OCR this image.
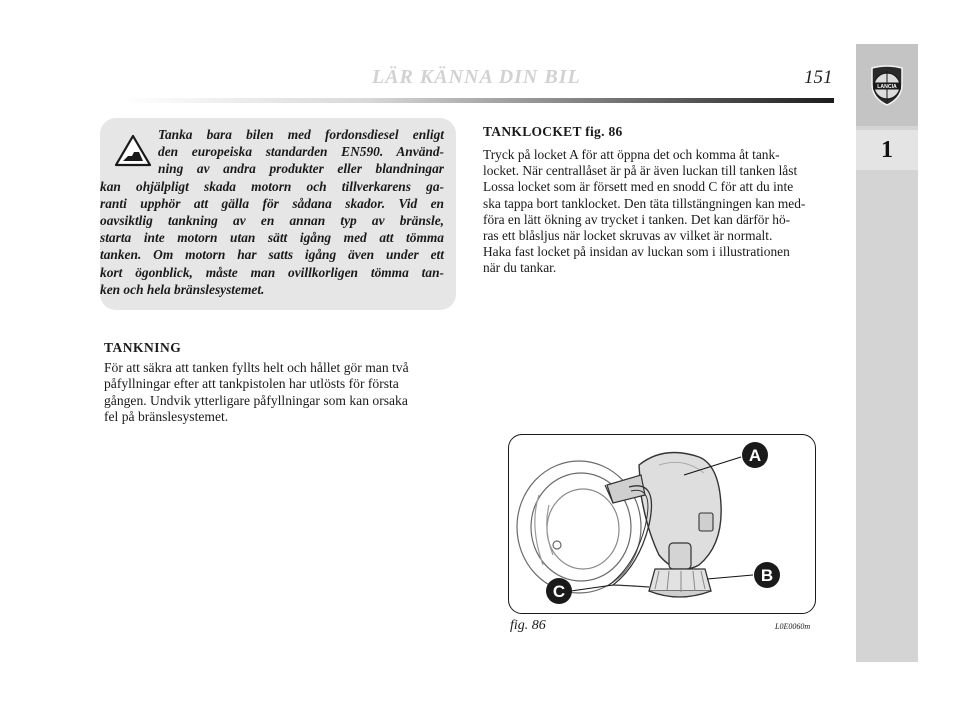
LÄR KÄNNA DIN BIL	151	LANCIA
1
Tanka bara bilen med fordonsdiesel enligt
den europeiska standarden EN590. Använd-
ning av andra produkter eller blandningar
kan ohjälpligt skada motorn och tillverkarens ga-
ranti upphör att gälla för sådana skador. Vid en
oavsiktlig tankning av en annan typ av bränsle,
starta inte motorn utan sätt igång med att tömma
tanken. Om motorn har satts igång även under ett
kort ögonblick, måste man ovillkorligen tömma tan-
ken och hela bränslesystemet.
TANKNING
För att säkra att tanken fyllts helt och hållet gör man två
påfyllningar efter att tankpistolen har utlösts för första
gången. Undvik ytterligare påfyllningar som kan orsaka
fel på bränslesystemet.
TANKLOCKET fig. 86
Tryck på locket A för att öppna det och komma åt tank-
locket. När centrallåset är på är även luckan till tanken låst
Lossa locket som är försett med en snodd C för att du inte
ska tappa bort tanklocket. Den täta tillstängningen kan med-
föra en lätt ökning av trycket i tanken. Det kan därför hö-
ras ett blåsljus när locket skruvas av vilket är normalt.
Haka fast locket på insidan av luckan som i illustrationen
när du tankar.
A
B
C
fig. 86	L0E0060m
